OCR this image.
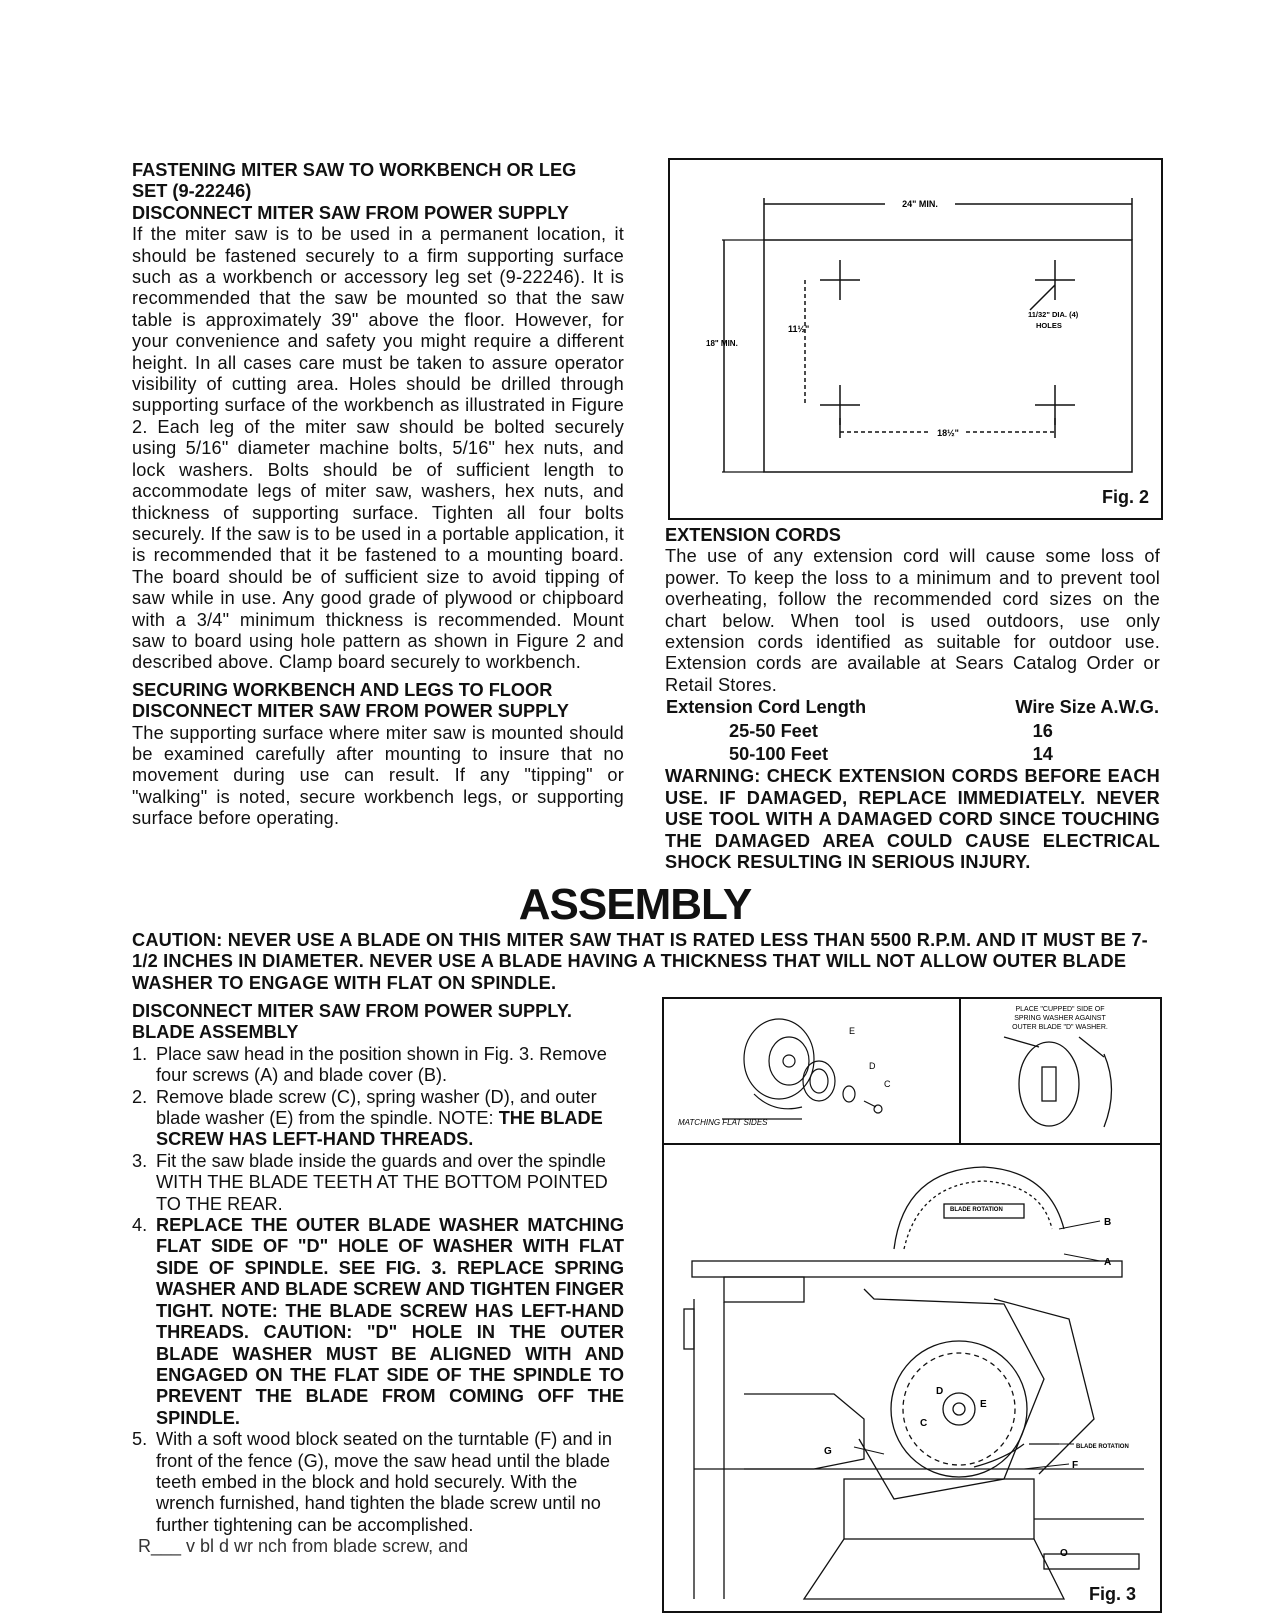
FASTENING MITER SAW TO WORKBENCH OR LEG
SET (9-22246)
DISCONNECT MITER SAW FROM POWER SUPPLY
If the miter saw is to be used in a permanent location, it should be fastened securely to a firm supporting surface such as a workbench or accessory leg set (9-22246). It is recommended that the saw be mounted so that the saw table is approximately 39" above the floor. However, for your convenience and safety you might require a different height. In all cases care must be taken to assure operator visibility of cutting area. Holes should be drilled through supporting surface of the workbench as illustrated in Figure 2. Each leg of the miter saw should be bolted securely using 5/16" diameter machine bolts, 5/16" hex nuts, and lock washers. Bolts should be of sufficient length to accommodate legs of miter saw, washers, hex nuts, and thickness of supporting surface. Tighten all four bolts securely. If the saw is to be used in a portable application, it is recommended that it be fastened to a mounting board. The board should be of sufficient size to avoid tipping of saw while in use. Any good grade of plywood or chipboard with a 3/4" minimum thickness is recommended. Mount saw to board using hole pattern as shown in Figure 2 and described above. Clamp board securely to workbench.
SECURING WORKBENCH AND LEGS TO FLOOR
DISCONNECT MITER SAW FROM POWER SUPPLY
The supporting surface where miter saw is mounted should be examined carefully after mounting to insure that no movement during use can result. If any "tipping" or "walking" is noted, secure workbench legs, or supporting surface before operating.
24" MIN.
18" MIN.
11½"
18½"
11/32" DIA. (4)
HOLES
Fig. 2
EXTENSION CORDS
The use of any extension cord will cause some loss of power. To keep the loss to a minimum and to prevent tool overheating, follow the recommended cord sizes on the chart below. When tool is used outdoors, use only extension cords identified as suitable for outdoor use. Extension cords are available at Sears Catalog Order or Retail Stores.
Extension Cord Length	Wire Size A.W.G.
25-50 Feet	16
50-100 Feet	14
WARNING: CHECK EXTENSION CORDS BEFORE EACH USE. IF DAMAGED, REPLACE IMMEDIATELY. NEVER USE TOOL WITH A DAMAGED CORD SINCE TOUCHING THE DAMAGED AREA COULD CAUSE ELECTRICAL SHOCK RESULTING IN SERIOUS INJURY.
ASSEMBLY
CAUTION: NEVER USE A BLADE ON THIS MITER SAW THAT IS RATED LESS THAN 5500 R.P.M. AND IT MUST BE 7-1/2 INCHES IN DIAMETER. NEVER USE A BLADE HAVING A THICKNESS THAT WILL NOT ALLOW OUTER BLADE WASHER TO ENGAGE WITH FLAT ON SPINDLE.
DISCONNECT MITER SAW FROM POWER SUPPLY.
BLADE ASSEMBLY
1. Place saw head in the position shown in Fig. 3. Remove four screws (A) and blade cover (B).
2. Remove blade screw (C), spring washer (D), and outer blade washer (E) from the spindle. NOTE: THE BLADE SCREW HAS LEFT-HAND THREADS.
3. Fit the saw blade inside the guards and over the spindle WITH THE BLADE TEETH AT THE BOTTOM POINTED TO THE REAR.
4. REPLACE THE OUTER BLADE WASHER MATCHING FLAT SIDE OF "D" HOLE OF WASHER WITH FLAT SIDE OF SPINDLE. SEE FIG. 3. REPLACE SPRING WASHER AND BLADE SCREW AND TIGHTEN FINGER TIGHT. NOTE: THE BLADE SCREW HAS LEFT-HAND THREADS. CAUTION: "D" HOLE IN THE OUTER BLADE WASHER MUST BE ALIGNED WITH AND ENGAGED ON THE FLAT SIDE OF THE SPINDLE TO PREVENT THE BLADE FROM COMING OFF THE SPINDLE.
5. With a soft wood block seated on the turntable (F) and in front of the fence (G), move the saw head until the blade teeth embed in the block and hold securely. With the wrench furnished, hand tighten the blade screw until no further tightening can be accomplished.
R___ v bl d wr nch from blade screw, and
E
D
C
MATCHING FLAT SIDES
PLACE "CUPPED" SIDE OF
SPRING WASHER AGAINST
OUTER BLADE "D" WASHER.
B
A
D
E
C
G
F
O
BLADE ROTATION
BLADE ROTATION
Fig. 3
